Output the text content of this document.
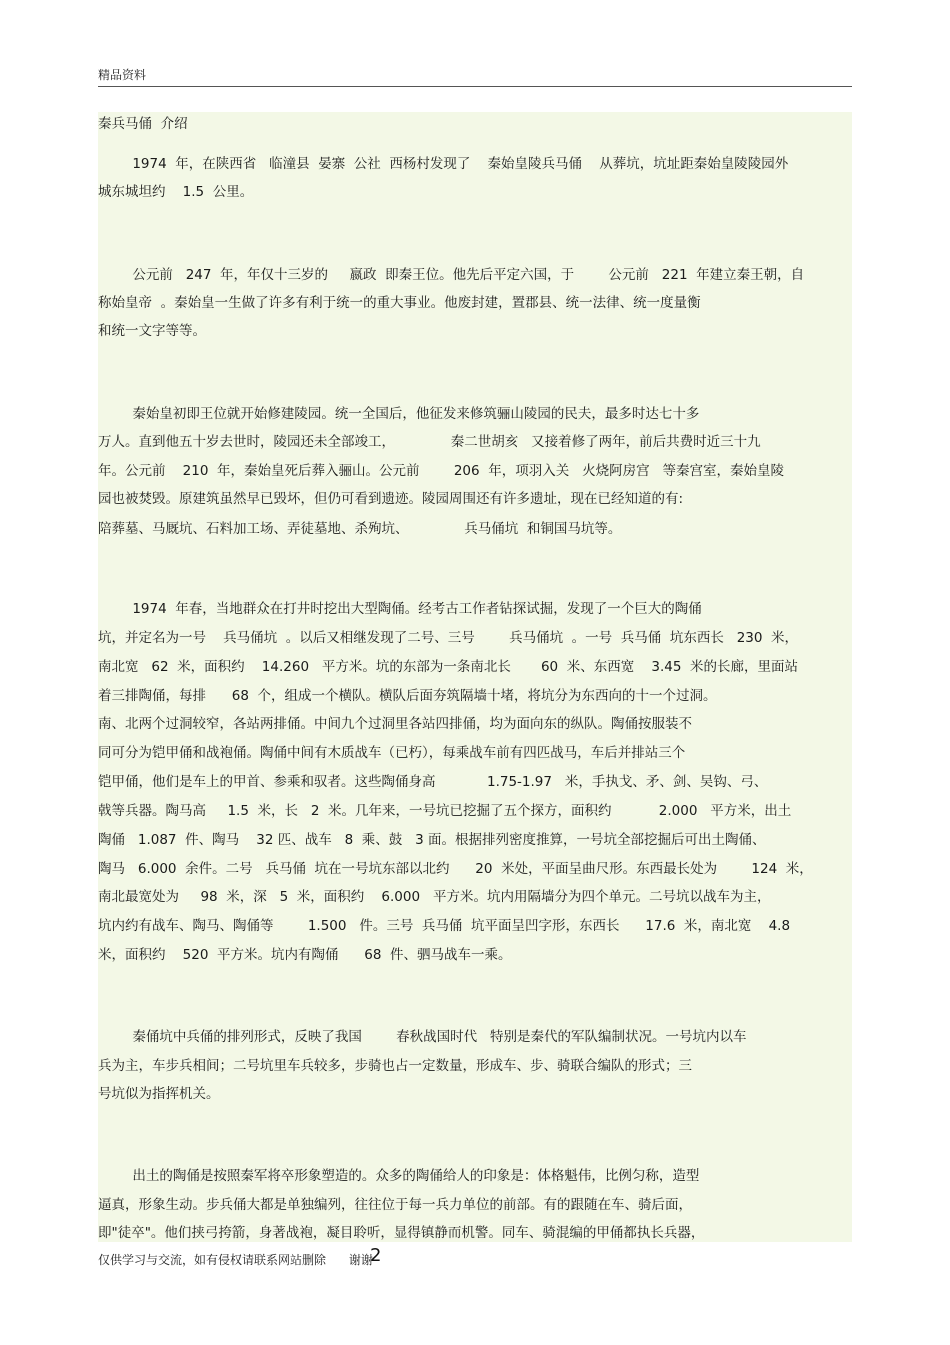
精品资料
秦兵马俑  介绍
1974  年，在陕西省   临潼县  晏寨  公社  西杨村发现了    秦始皇陵兵马俑    从葬坑，坑址距秦始皇陵陵园外
城东城坦约    1.5  公里。
公元前   247  年，年仅十三岁的     嬴政  即秦王位。他先后平定六国，于        公元前   221  年建立秦王朝，自
称始皇帝  。秦始皇一生做了许多有利于统一的重大事业。他废封建，置郡县、统一法律、统一度量衡
和统一文字等等。
秦始皇初即王位就开始修建陵园。统一全国后，他征发来修筑骊山陵园的民夫，最多时达七十多
万人。直到他五十岁去世时，陵园还未全部竣工，             秦二世胡亥   又接着修了两年，前后共费时近三十九
年。公元前    210  年，秦始皇死后葬入骊山。公元前        206  年，项羽入关   火烧阿房宫   等秦宫室，秦始皇陵
园也被焚毁。原建筑虽然早已毁坏，但仍可看到遗迹。陵园周围还有许多遗址，现在已经知道的有:
陪葬墓、马厩坑、石料加工场、弄徒墓地、杀殉坑、             兵马俑坑  和铜国马坑等。
1974  年春，当地群众在打井时挖出大型陶俑。经考古工作者钻探试掘，发现了一个巨大的陶俑
坑，并定名为一号    兵马俑坑  。以后又相继发现了二号、三号        兵马俑坑  。一号  兵马俑  坑东西长   230  米，
南北宽   62  米，面积约    14.260   平方米。坑的东部为一条南北长       60  米、东西宽    3.45  米的长廊，里面站
着三排陶俑，每排      68  个，组成一个横队。横队后面夯筑隔墙十堵，将坑分为东西向的十一个过洞。
南、北两个过洞较窄，各站两排俑。中间九个过洞里各站四排俑，均为面向东的纵队。陶俑按服装不
同可分为铠甲俑和战袍俑。陶俑中间有木质战车（已朽），每乘战车前有四匹战马，车后并排站三个
铠甲俑，他们是车上的甲首、参乘和驭者。这些陶俑身高            1.75-1.97   米，手执戈、矛、剑、吴钩、弓、
戟等兵器。陶马高     1.5  米，长   2  米。几年来，一号坑已挖掘了五个探方，面积约           2.000   平方米，出土
陶俑   1.087  件、陶马    32 匹、战车   8  乘、鼓   3 面。根据排列密度推算，一号坑全部挖掘后可出土陶俑、
陶马   6.000  余件。二号   兵马俑  坑在一号坑东部以北约      20  米处，平面呈曲尺形。东西最长处为        124  米，
南北最宽处为     98  米，深   5  米，面积约    6.000   平方米。坑内用隔墙分为四个单元。二号坑以战车为主，
坑内约有战车、陶马、陶俑等        1.500   件。三号  兵马俑  坑平面呈凹字形，东西长      17.6  米，南北宽    4.8
米，面积约    520  平方米。坑内有陶俑      68  件、驷马战车一乘。
秦俑坑中兵俑的排列形式，反映了我国        春秋战国时代   特别是秦代的军队编制状况。一号坑内以车
兵为主，车步兵相间；二号坑里车兵较多，步骑也占一定数量，形成车、步、骑联合编队的形式；三
号坑似为指挥机关。
出土的陶俑是按照秦军将卒形象塑造的。众多的陶俑给人的印象是：体格魁伟，比例匀称，造型
逼真，形象生动。步兵俑大都是单独编列，往往位于每一兵力单位的前部。有的跟随在车、骑后面，
即"徒卒"。他们挟弓挎箭，身著战袍，凝目聆听，显得镇静而机警。同车、骑混编的甲俑都执长兵器，
仅供学习与交流，如有侵权请联系网站删除      谢谢
2
